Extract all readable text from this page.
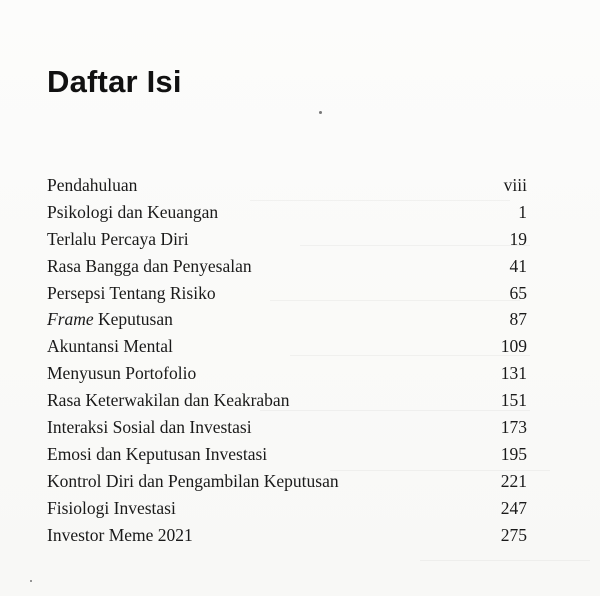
Daftar Isi
Pendahuluan	viii
Psikologi dan Keuangan	1
Terlalu Percaya Diri	19
Rasa Bangga dan Penyesalan	41
Persepsi Tentang Risiko	65
Frame Keputusan	87
Akuntansi Mental	109
Menyusun Portofolio	131
Rasa Keterwakilan dan Keakraban	151
Interaksi Sosial dan Investasi	173
Emosi dan Keputusan Investasi	195
Kontrol Diri dan Pengambilan Keputusan	221
Fisiologi Investasi	247
Investor Meme 2021	275
